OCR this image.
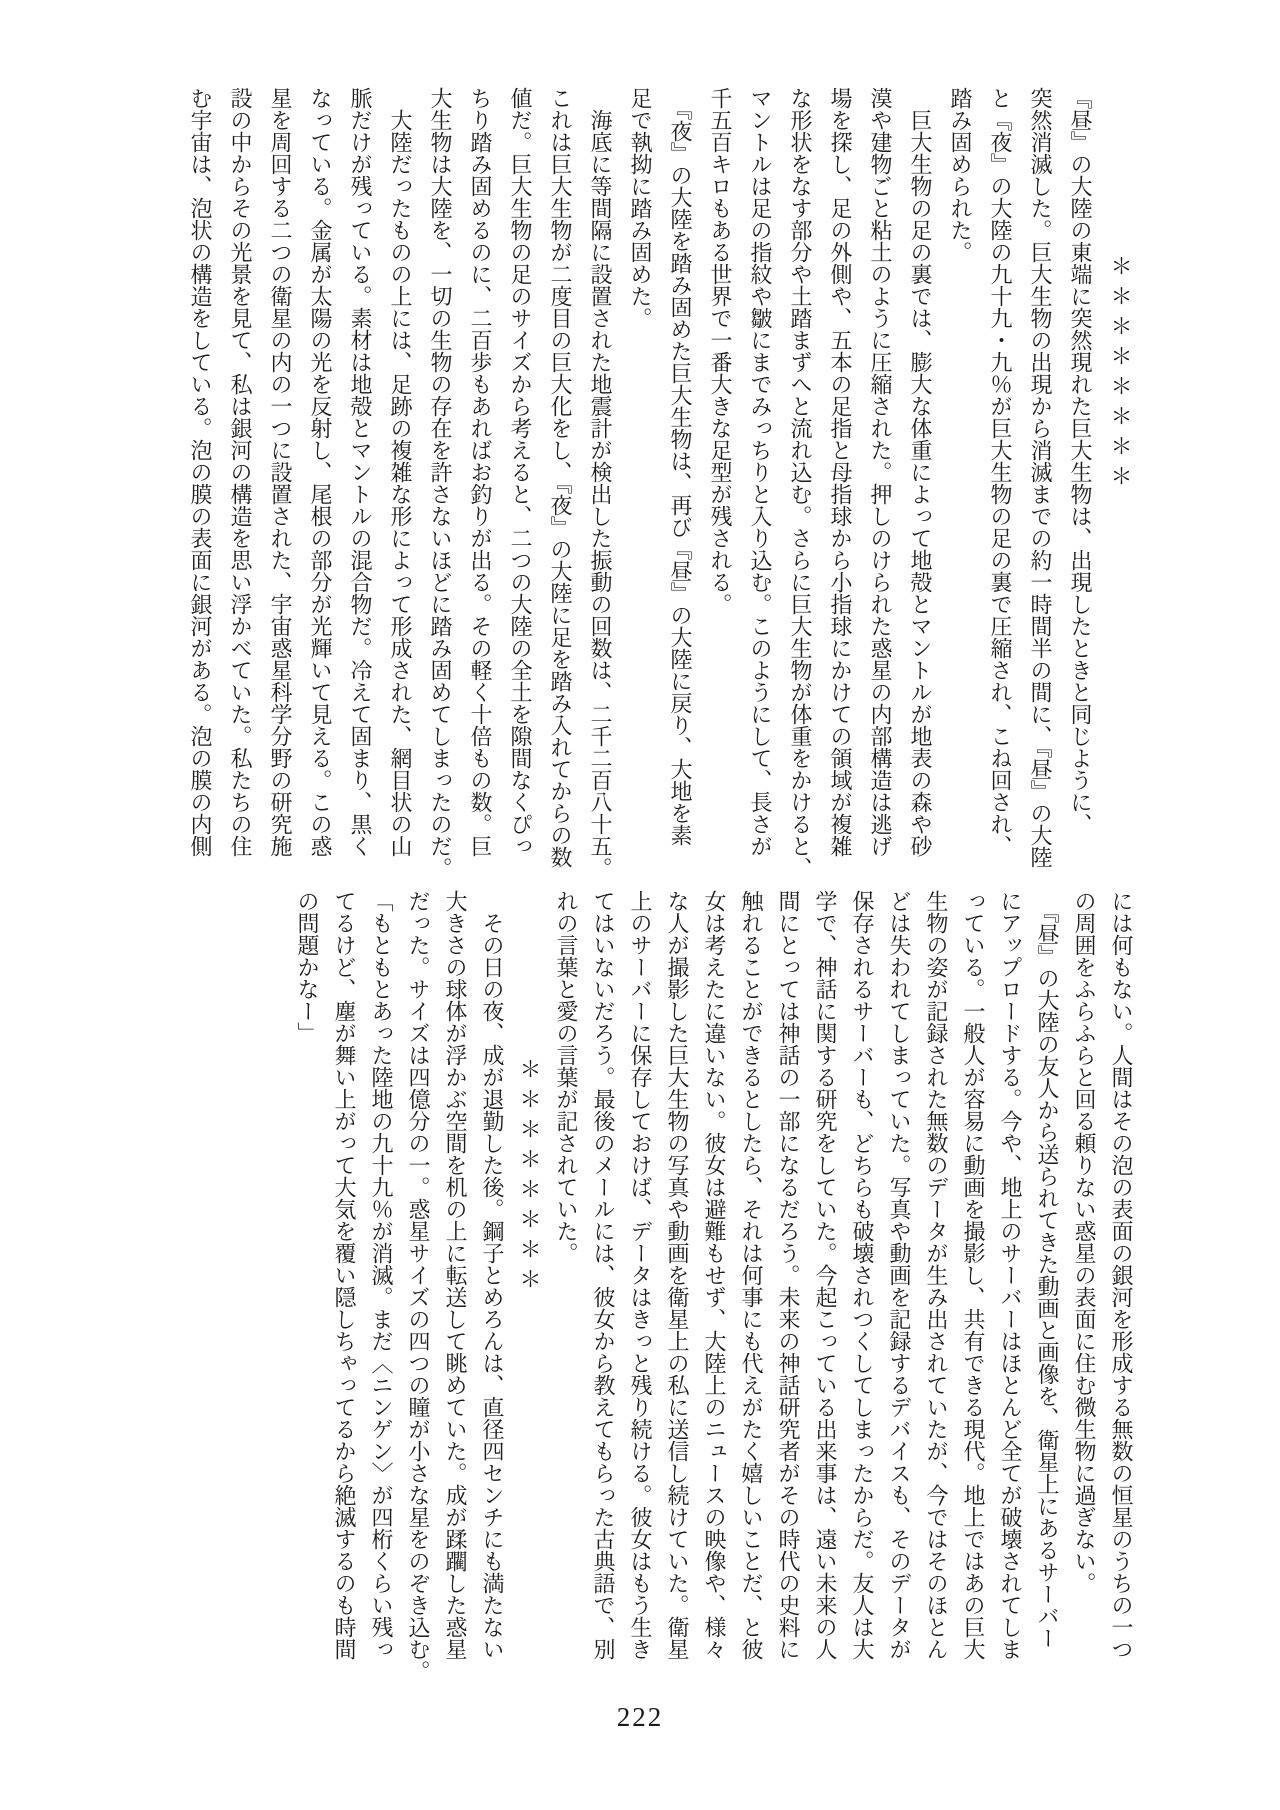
＊＊＊＊＊＊＊＊

『昼』の大陸の東端に突然現れた巨大生物は、出現したときと同じように、

突然消滅した。巨大生物の出現から消滅までの約一時間半の間に、『昼』の大陸

と『夜』の大陸の九十九・九％が巨大生物の足の裏で圧縮され、こね回され、

踏み固められた。

　巨大生物の足の裏では、膨大な体重によって地殻とマントルが地表の森や砂

漠や建物ごと粘土のように圧縮された。押しのけられた惑星の内部構造は逃げ

場を探し、足の外側や、五本の足指と母指球から小指球にかけての領域が複雑

な形状をなす部分や土踏まずへと流れ込む。さらに巨大生物が体重をかけると、

マントルは足の指紋や皺にまでみっちりと入り込む。このようにして、長さが

千五百キロもある世界で一番大きな足型が残される。

　『夜』の大陸を踏み固めた巨大生物は、再び『昼』の大陸に戻り、大地を素

足で執拗に踏み固めた。

　海底に等間隔に設置された地震計が検出した振動の回数は、二千二百八十五。

これは巨大生物が二度目の巨大化をし、『夜』の大陸に足を踏み入れてからの数

値だ。巨大生物の足のサイズから考えると、二つの大陸の全土を隙間なくぴっ

ちり踏み固めるのに、二百歩もあればお釣りが出る。その軽く十倍もの数。巨

大生物は大陸を、一切の生物の存在を許さないほどに踏み固めてしまったのだ。

　大陸だったものの上には、足跡の複雑な形によって形成された、網目状の山

脈だけが残っている。素材は地殻とマントルの混合物だ。冷えて固まり、黒く

なっている。金属が太陽の光を反射し、尾根の部分が光輝いて見える。この惑

星を周回する二つの衛星の内の一つに設置された、宇宙惑星科学分野の研究施

設の中からその光景を見て、私は銀河の構造を思い浮かべていた。私たちの住

む宇宙は、泡状の構造をしている。泡の膜の表面に銀河がある。泡の膜の内側

には何もない。人間はその泡の表面の銀河を形成する無数の恒星のうちの一つ

の周囲をふらふらと回る頼りない惑星の表面に住む微生物に過ぎない。

　『昼』の大陸の友人から送られてきた動画と画像を、衛星上にあるサーバー

にアップロードする。今や、地上のサーバーはほとんど全てが破壊されてしま

っている。一般人が容易に動画を撮影し、共有できる現代。地上ではあの巨大

生物の姿が記録された無数のデータが生み出されていたが、今ではそのほとん

どは失われてしまっていた。写真や動画を記録するデバイスも、そのデータが

保存されるサーバーも、どちらも破壊されつくしてしまったからだ。友人は大

学で、神話に関する研究をしていた。今起こっている出来事は、遠い未来の人

間にとっては神話の一部になるだろう。未来の神話研究者がその時代の史料に

触れることができるとしたら、それは何事にも代えがたく嬉しいことだ、と彼

女は考えたに違いない。彼女は避難もせず、大陸上のニュースの映像や、様々

な人が撮影した巨大生物の写真や動画を衛星上の私に送信し続けていた。衛星

上のサーバーに保存しておけば、データはきっと残り続ける。彼女はもう生き

てはいないだろう。最後のメールには、彼女から教えてもらった古典語で、別

れの言葉と愛の言葉が記されていた。

＊＊＊＊＊＊＊＊

　その日の夜、成が退勤した後。鋼子とめろんは、直径四センチにも満たない

大きさの球体が浮かぶ空間を机の上に転送して眺めていた。成が蹂躙した惑星

だった。サイズは四億分の一。惑星サイズの四つの瞳が小さな星をのぞき込む。

「もともとあった陸地の九十九％が消滅。まだ〈ニンゲン〉が四桁くらい残っ

てるけど、塵が舞い上がって大気を覆い隠しちゃってるから絶滅するのも時間

の問題かなー」

222
